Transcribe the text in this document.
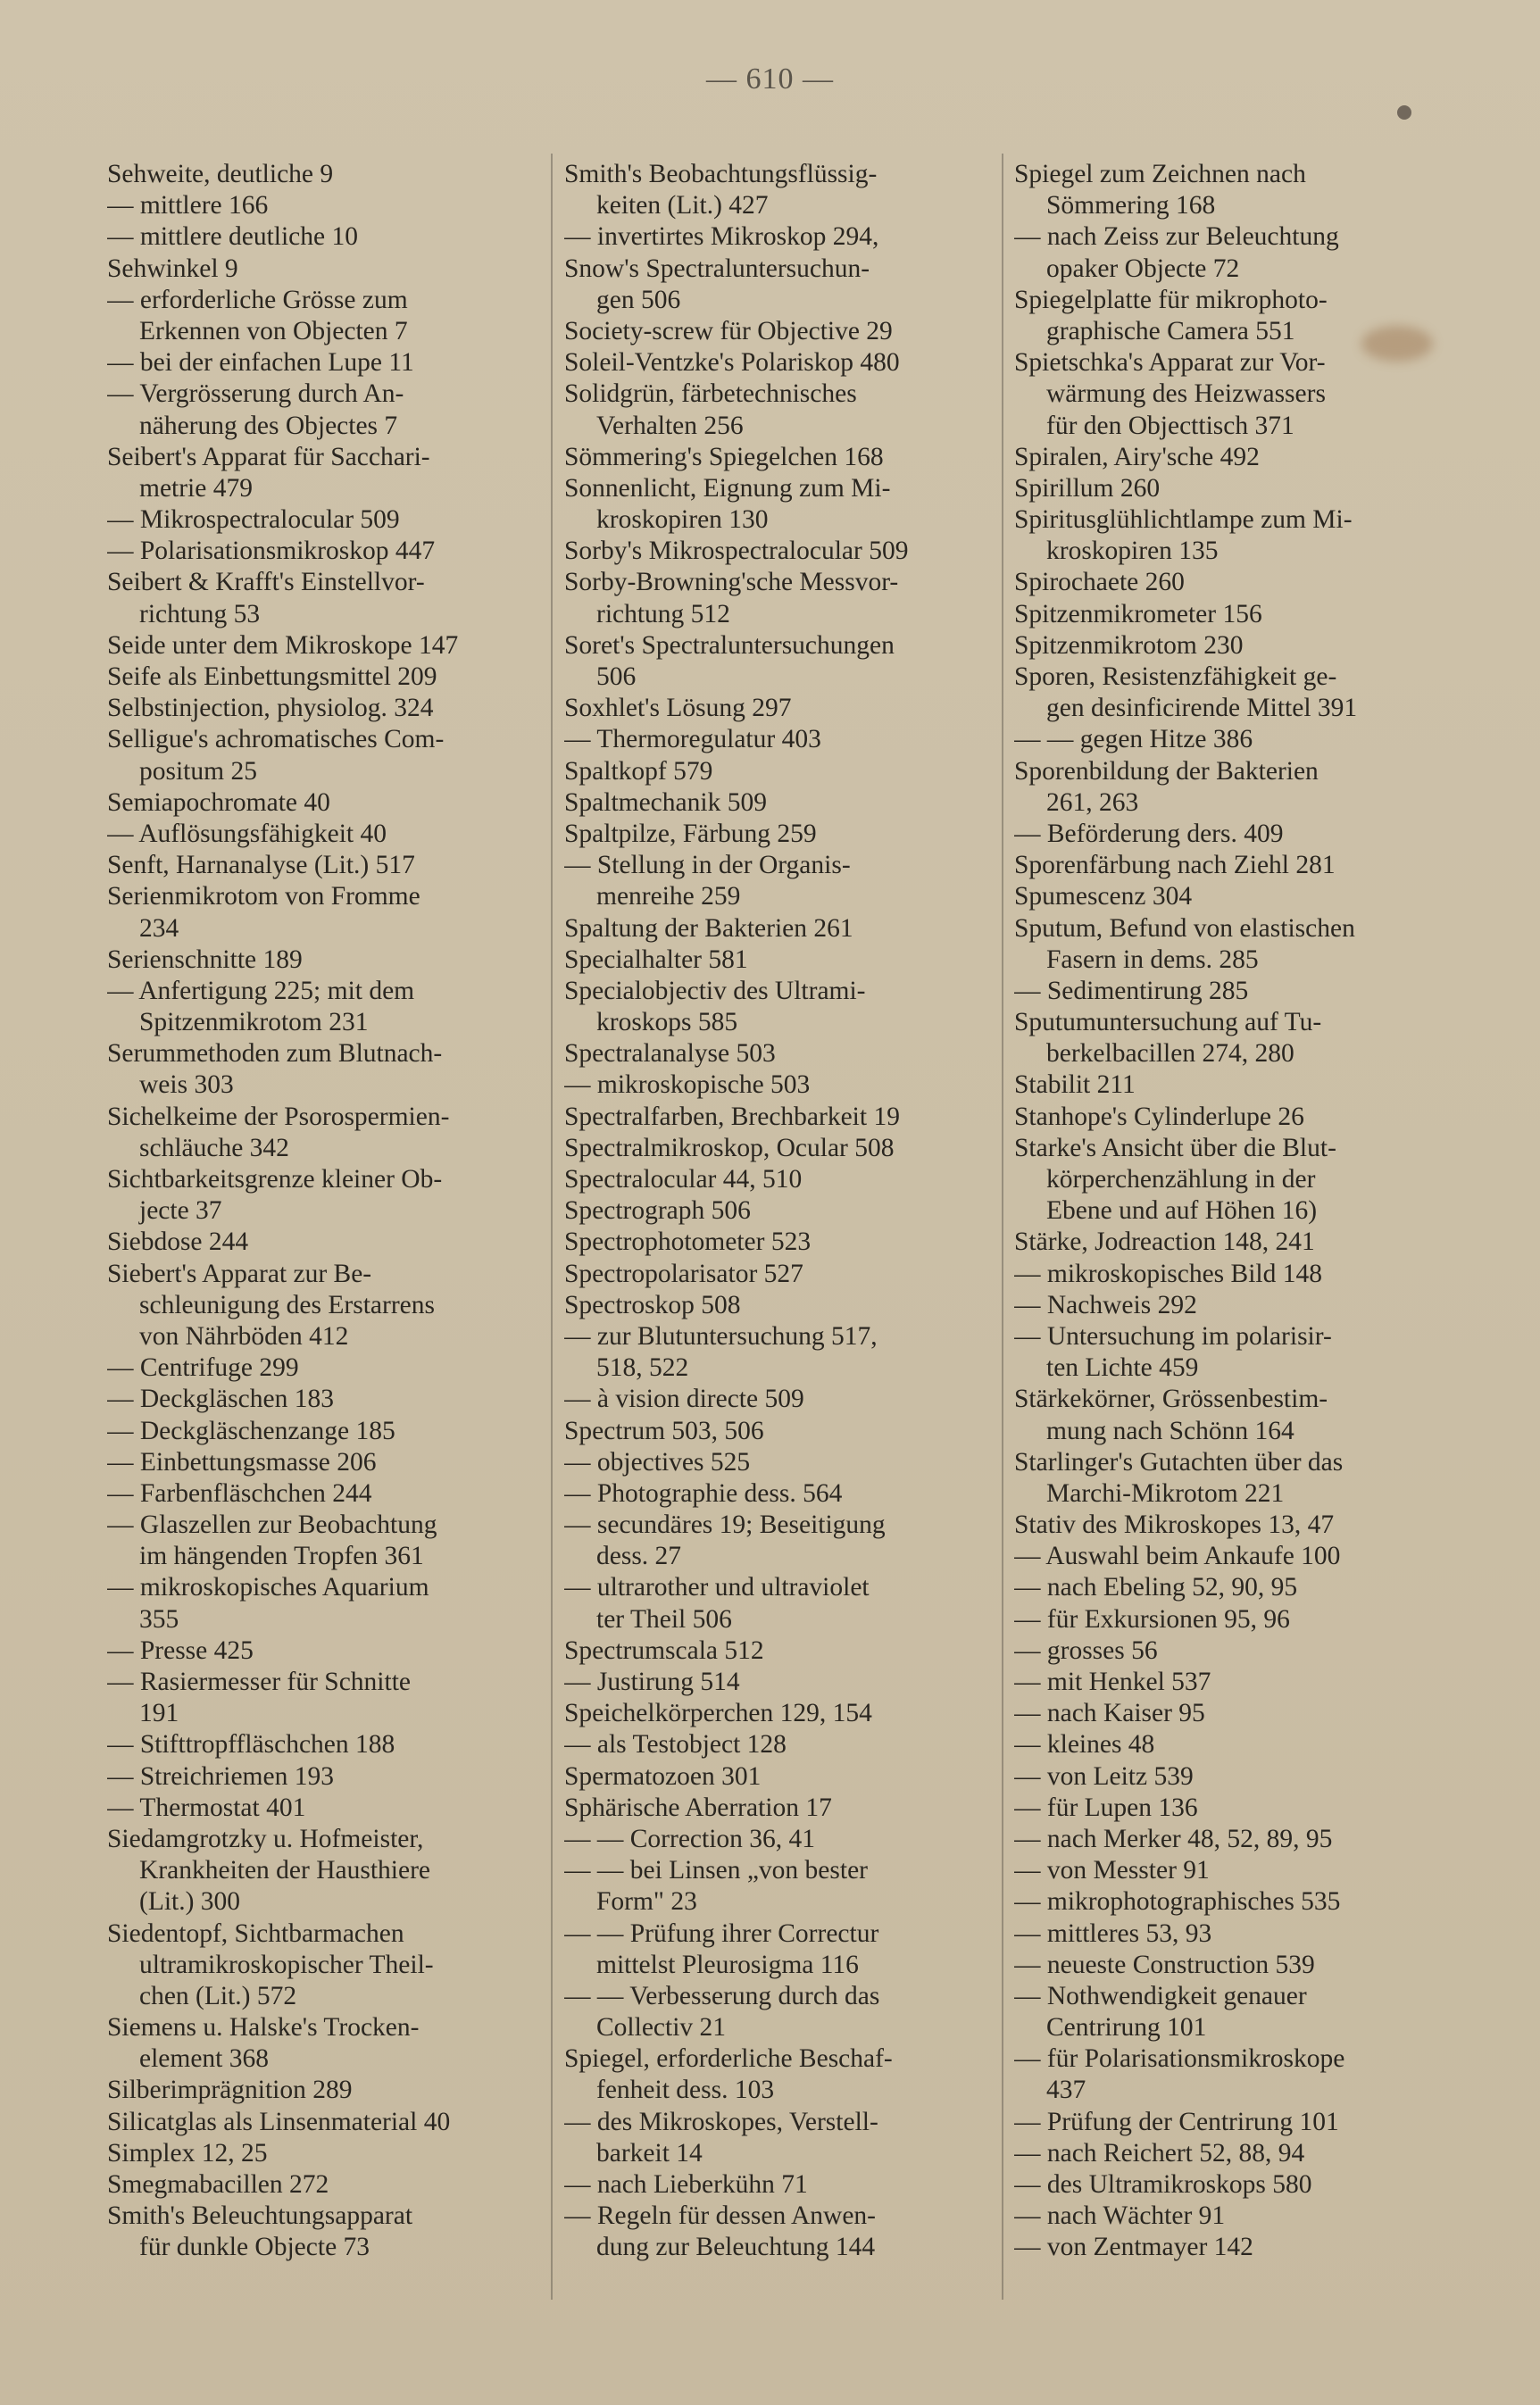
— 610 —
Sehweite, deutliche 9
— mittlere 166
— mittlere deutliche 10
Sehwinkel 9
— erforderliche Grösse zum
Erkennen von Objecten 7
— bei der einfachen Lupe 11
— Vergrösserung durch An-
näherung des Objectes 7
Seibert's Apparat für Sacchari-
metrie 479
— Mikrospectralocular 509
— Polarisationsmikroskop 447
Seibert & Krafft's Einstellvor-
richtung 53
Seide unter dem Mikroskope 147
Seife als Einbettungsmittel 209
Selbstinjection, physiolog. 324
Selligue's achromatisches Com-
positum 25
Semiapochromate 40
— Auflösungsfähigkeit 40
Senft, Harnanalyse (Lit.) 517
Serienmikrotom von Fromme
234
Serienschnitte 189
— Anfertigung 225; mit dem
Spitzenmikrotom 231
Serummethoden zum Blutnach-
weis 303
Sichelkeime der Psorospermien-
schläuche 342
Sichtbarkeitsgrenze kleiner Ob-
jecte 37
Siebdose 244
Siebert's Apparat zur Be-
schleunigung des Erstarrens
von Nährböden 412
— Centrifuge 299
— Deckgläschen 183
— Deckgläschenzange 185
— Einbettungsmasse 206
— Farbenfläschchen 244
— Glaszellen zur Beobachtung
im hängenden Tropfen 361
— mikroskopisches Aquarium
355
— Presse 425
— Rasiermesser für Schnitte
191
— Stifttropffläschchen 188
— Streichriemen 193
— Thermostat 401
Siedamgrotzky u. Hofmeister,
Krankheiten der Hausthiere
(Lit.) 300
Siedentopf, Sichtbarmachen
ultramikroskopischer Theil-
chen (Lit.) 572
Siemens u. Halske's Trocken-
element 368
Silberimprägnition 289
Silicatglas als Linsenmaterial 40
Simplex 12, 25
Smegmabacillen 272
Smith's Beleuchtungsapparat
für dunkle Objecte 73
Smith's Beobachtungsflüssig-
keiten (Lit.) 427
— invertirtes Mikroskop 294,
Snow's Spectraluntersuchun-
gen 506
Society-screw für Objective 29
Soleil-Ventzke's Polariskop 480
Solidgrün, färbetechnisches
Verhalten 256
Sömmering's Spiegelchen 168
Sonnenlicht, Eignung zum Mi-
kroskopiren 130
Sorby's Mikrospectralocular 509
Sorby-Browning'sche Messvor-
richtung 512
Soret's Spectraluntersuchungen
506
Soxhlet's Lösung 297
— Thermoregulatur 403
Spaltkopf 579
Spaltmechanik 509
Spaltpilze, Färbung 259
— Stellung in der Organis-
menreihe 259
Spaltung der Bakterien 261
Specialhalter 581
Specialobjectiv des Ultrami-
kroskops 585
Spectralanalyse 503
— mikroskopische 503
Spectralfarben, Brechbarkeit 19
Spectralmikroskop, Ocular 508
Spectralocular 44, 510
Spectrograph 506
Spectrophotometer 523
Spectropolarisator 527
Spectroskop 508
— zur Blutuntersuchung 517,
518, 522
— à vision directe 509
Spectrum 503, 506
— objectives 525
— Photographie dess. 564
— secundäres 19; Beseitigung
dess. 27
— ultrarother und ultraviolet
ter Theil 506
Spectrumscala 512
— Justirung 514
Speichelkörperchen 129, 154
— als Testobject 128
Spermatozoen 301
Sphärische Aberration 17
— — Correction 36, 41
— — bei Linsen „von bester
Form" 23
— — Prüfung ihrer Correctur
mittelst Pleurosigma 116
— — Verbesserung durch das
Collectiv 21
Spiegel, erforderliche Beschaf-
fenheit dess. 103
— des Mikroskopes, Verstell-
barkeit 14
— nach Lieberkühn 71
— Regeln für dessen Anwen-
dung zur Beleuchtung 144
Spiegel zum Zeichnen nach
Sömmering 168
— nach Zeiss zur Beleuchtung
opaker Objecte 72
Spiegelplatte für mikrophoto-
graphische Camera 551
Spietschka's Apparat zur Vor-
wärmung des Heizwassers
für den Objecttisch 371
Spiralen, Airy'sche 492
Spirillum 260
Spiritusglühlichtlampe zum Mi-
kroskopiren 135
Spirochaete 260
Spitzenmikrometer 156
Spitzenmikrotom 230
Sporen, Resistenzfähigkeit ge-
gen desinficirende Mittel 391
— — gegen Hitze 386
Sporenbildung der Bakterien
261, 263
— Beförderung ders. 409
Sporenfärbung nach Ziehl 281
Spumescenz 304
Sputum, Befund von elastischen
Fasern in dems. 285
— Sedimentirung 285
Sputumuntersuchung auf Tu-
berkelbacillen 274, 280
Stabilit 211
Stanhope's Cylinderlupe 26
Starke's Ansicht über die Blut-
körperchenzählung in der
Ebene und auf Höhen 16)
Stärke, Jodreaction 148, 241
— mikroskopisches Bild 148
— Nachweis 292
— Untersuchung im polarisir-
ten Lichte 459
Stärkekörner, Grössenbestim-
mung nach Schönn 164
Starlinger's Gutachten über das
Marchi-Mikrotom 221
Stativ des Mikroskopes 13, 47
— Auswahl beim Ankaufe 100
— nach Ebeling 52, 90, 95
— für Exkursionen 95, 96
— grosses 56
— mit Henkel 537
— nach Kaiser 95
— kleines 48
— von Leitz 539
— für Lupen 136
— nach Merker 48, 52, 89, 95
— von Messter 91
— mikrophotographisches 535
— mittleres 53, 93
— neueste Construction 539
— Nothwendigkeit genauer
Centrirung 101
— für Polarisationsmikroskope
437
— Prüfung der Centrirung 101
— nach Reichert 52, 88, 94
— des Ultramikroskops 580
— nach Wächter 91
— von Zentmayer 142
